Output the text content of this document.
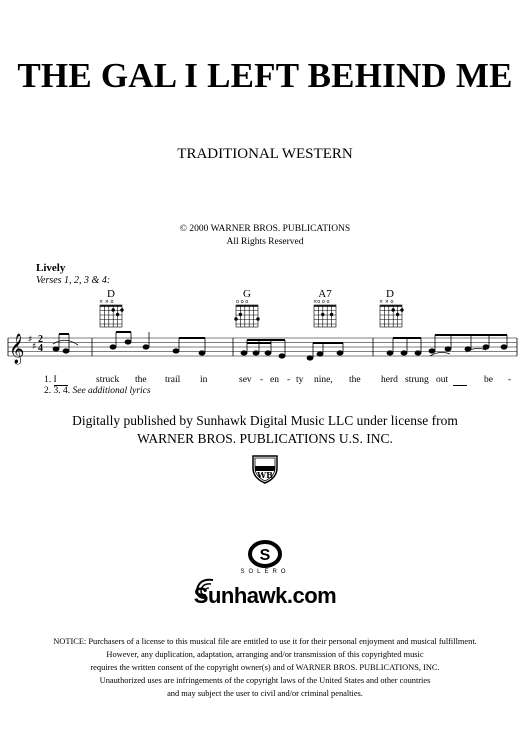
THE GAL I LEFT BEHIND ME
TRADITIONAL WESTERN
© 2000 WARNER BROS. PUBLICATIONS
All Rights Reserved
Lively
Verses 1, 2, 3 & 4:
D	G	A7	D
× × o	o o o	×o o o	× × o
𝄞 ♯
♯
2
4
1. I	struck the trail in	sev - en - ty nine, the herd strung out	be -
2. 3. 4. See additional lyrics
Digitally published by Sunhawk Digital Music LLC under license from
WARNER BROS. PUBLICATIONS U.S. INC.
WB
S
SOLERO
Sunhawk.com
NOTICE: Purchasers of a license to this musical file are entitled to use it for their personal enjoyment and musical fulfillment.
However, any duplication, adaptation, arranging and/or transmission of this copyrighted music
requires the written consent of the copyright owner(s) and of WARNER BROS. PUBLICATIONS, INC.
Unauthorized uses are infringements of the copyright laws of the United States and other countries
and may subject the user to civil and/or criminal penalties.
